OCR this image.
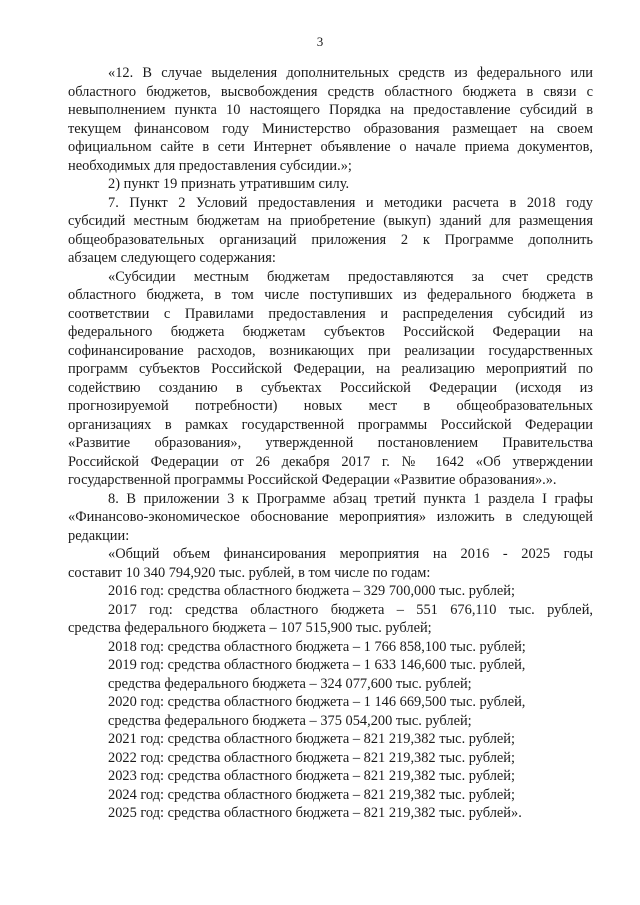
3
«12. В случае выделения дополнительных средств из федерального или
областного бюджетов, высвобождения средств областного бюджета в связи с
невыполнением пункта 10 настоящего Порядка на предоставление субсидий в
текущем финансовом году Министерство образования размещает на своем
официальном сайте в сети Интернет объявление о начале приема документов,
необходимых для предоставления субсидии.»;
2) пункт 19 признать утратившим силу.
7. Пункт 2 Условий предоставления и методики расчета в 2018 году
субсидий местным бюджетам на приобретение (выкуп) зданий для размещения
общеобразовательных организаций приложения 2 к Программе дополнить
абзацем следующего содержания:
«Субсидии местным бюджетам предоставляются за счет средств
областного бюджета, в том числе поступивших из федерального бюджета в
соответствии с Правилами предоставления и распределения субсидий из
федерального бюджета бюджетам субъектов Российской Федерации на
софинансирование расходов, возникающих при реализации государственных
программ субъектов Российской Федерации, на реализацию мероприятий по
содействию созданию в субъектах Российской Федерации (исходя из
прогнозируемой потребности) новых мест в общеобразовательных
организациях в рамках государственной программы Российской Федерации
«Развитие образования», утвержденной постановлением Правительства
Российской Федерации от 26 декабря 2017 г. № 1642 «Об утверждении
государственной программы Российской Федерации «Развитие образования».».
8. В приложении 3 к Программе абзац третий пункта 1 раздела I графы
«Финансово-экономическое обоснование мероприятия» изложить в следующей
редакции:
«Общий объем финансирования мероприятия на 2016 - 2025 годы
составит 10 340 794,920 тыс. рублей, в том числе по годам:
2016 год: средства областного бюджета – 329 700,000 тыс. рублей;
2017 год: средства областного бюджета – 551 676,110 тыс. рублей,
средства федерального бюджета – 107 515,900 тыс. рублей;
2018 год: средства областного бюджета – 1 766 858,100 тыс. рублей;
2019 год: средства областного бюджета – 1 633 146,600 тыс. рублей,
средства федерального бюджета – 324 077,600 тыс. рублей;
2020 год: средства областного бюджета – 1 146 669,500 тыс. рублей,
средства федерального бюджета – 375 054,200 тыс. рублей;
2021 год: средства областного бюджета – 821 219,382 тыс. рублей;
2022 год: средства областного бюджета – 821 219,382 тыс. рублей;
2023 год: средства областного бюджета – 821 219,382 тыс. рублей;
2024 год: средства областного бюджета – 821 219,382 тыс. рублей;
2025 год: средства областного бюджета – 821 219,382 тыс. рублей».
